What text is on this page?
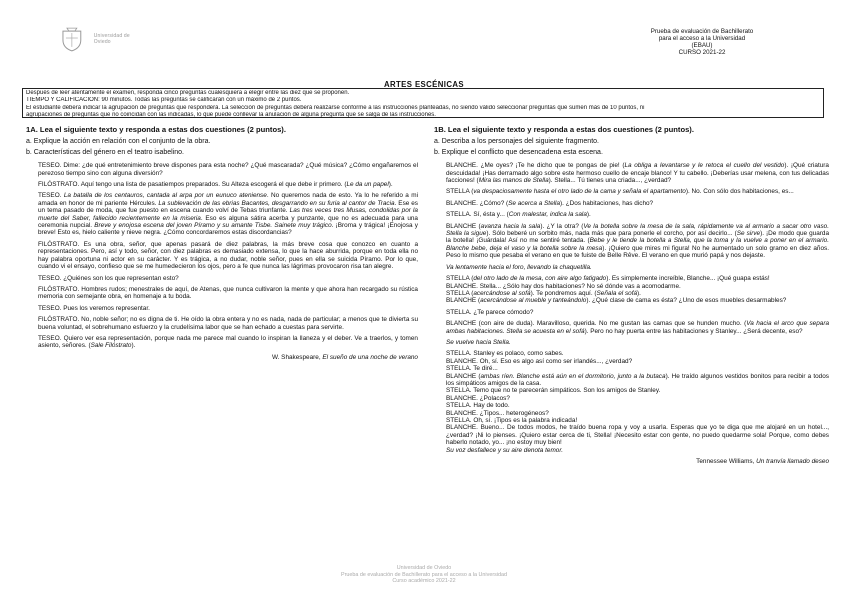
Universidad de Oviedo
Prueba de evaluación de Bachillerato
para el acceso a la Universidad
(EBAU)
CURSO 2021-22
ARTES ESCÉNICAS
Después de leer atentamente el examen, responda cinco preguntas cualesquiera a elegir entre las diez que se proponen.
TIEMPO Y CALIFICACIÓN: 90 minutos. Todas las preguntas se calificarán con un máximo de 2 puntos.
El estudiante deberá indicar la agrupación de preguntas que responderá. La selección de preguntas deberá realizarse conforme a las instrucciones planteadas, no siendo válido seleccionar preguntas que sumen más de 10 puntos, ni
agrupaciones de preguntas que no coincidan con las indicadas, lo que puede conllevar la anulación de alguna pregunta que se salga de las instrucciones.
1A. Lea el siguiente texto y responda a estas dos cuestiones (2 puntos).
a. Explique la acción en relación con el conjunto de la obra.
b. Características del género en el teatro isabelino.
TESEO. Dime: ¿de qué entretenimiento breve dispones para esta noche? ¿Qué mascarada? ¿Qué música? ¿Cómo engañaremos el perezoso tiempo sino con alguna diversión?
FILÓSTRATO. Aquí tengo una lista de pasatiempos preparados. Su Alteza escogerá el que debe ir primero. (Le da un papel).
TESEO. La batalla de los centauros, cantada al arpa por un eunuco ateniense. No queremos nada de esto. Ya lo he referido a mi amada en honor de mi pariente Hércules. La sublevación de las ebrias Bacantes, desgarrando en su furia al cantor de Tracia. Ese es un tema pasado de moda, que fue puesto en escena cuando volví de Tebas triunfante. Las tres veces tres Musas, condolidas por la muerte del Saber, fallecido recientemente en la miseria. Eso es alguna sátira acerba y punzante, que no es adecuada para una ceremonia nupcial. Breve y enojosa escena del joven Píramo y su amante Tisbe. Sainete muy trágico. ¡Broma y trágica! ¡Enojosa y breve! Esto es, hielo caliente y nieve negra. ¿Cómo concordaremos estas discordancias?
FILÓSTRATO. Es una obra, señor, que apenas pasará de diez palabras, la más breve cosa que conozco en cuanto a representaciones. Pero, así y todo, señor, con diez palabras es demasiado extensa, lo que la hace aburrida, porque en toda ella no hay palabra oportuna ni actor en su carácter. Y es trágica, a no dudar, noble señor, pues en ella se suicida Píramo. Por lo que, cuando vi el ensayo, confieso que se me humedecieron los ojos, pero a fe que nunca las lágrimas provocaron risa tan alegre.
TESEO. ¿Quiénes son los que representan esto?
FILÓSTRATO. Hombres rudos; menestrales de aquí, de Atenas, que nunca cultivaron la mente y que ahora han recargado su rústica memoria con semejante obra, en homenaje a tu boda.
TESEO. Pues los veremos representar.
FILÓSTRATO. No, noble señor; no es digna de ti. He oído la obra entera y no es nada, nada de particular; a menos que te divierta su buena voluntad, el sobrehumano esfuerzo y la crudelísima labor que se han echado a cuestas para servirte.
TESEO. Quiero ver esa representación, porque nada me parece mal cuando lo inspiran la llaneza y el deber. Ve a traerlos, y tomen asiento, señores. (Sale Filóstrato).
W. Shakespeare, El sueño de una noche de verano
1B. Lea el siguiente texto y responda a estas dos cuestiones (2 puntos).
a. Describa a los personajes del siguiente fragmento.
b. Explique el conflicto que desencadena esta escena.
BLANCHE. ¿Me oyes? ¡Te he dicho que te pongas de pie! (La obliga a levantarse y le retoca el cuello del vestido). ¡Qué criatura descuidada! ¡Has derramado algo sobre este hermoso cuello de encaje blanco! Y tu cabello. ¡Deberías usar melena, con tus delicadas facciones! (Mira las manos de Stella). Stella... Tú tienes una criada..., ¿verdad?
STELLA (va despaciosamente hasta el otro lado de la cama y señala el apartamento). No. Con sólo dos habitaciones, es...
BLANCHE. ¿Cómo? (Se acerca a Stella). ¿Dos habitaciones, has dicho?
STELLA. Sí, ésta y... (Con malestar, indica la sala).
BLANCHE (avanza hacia la sala). ¿Y la otra? (Ve la botella sobre la mesa de la sala, rápidamente va al armario a sacar otro vaso. Stella la sigue). Sólo beberé un sorbito más, nada más que para ponerle el corcho, por así decirlo... (Se sirve). ¡De modo que guarda la botella! ¡Guárdala! Así no me sentiré tentada. (Bebe y le tiende la botella a Stella, que la toma y la vuelve a poner en el armario. Blanche bebe, deja el vaso y la botella sobre la mesa). ¡Quiero que mires mi figura! No he aumentado un solo gramo en diez años. Peso lo mismo que pesaba el verano en que te fuiste de Belle Rêve. El verano en que murió papá y nos dejaste.
Va lentamente hacia el foro, llevando la chaquetilla.
STELLA (del otro lado de la mesa, con aire algo fatigado). Es simplemente increíble, Blanche... ¡Qué guapa estás!
BLANCHE. Stella... ¿Sólo hay dos habitaciones? No sé dónde vas a acomodarme.
STELLA (acercándose al sofá). Te pondremos aquí. (Señala el sofá).
BLANCHE (acercándose al mueble y tanteándolo). ¿Qué clase de cama es ésta? ¿Uno de esos muebles desarmables?
STELLA. ¿Te parece cómodo?
BLANCHE (con aire de duda). Maravilloso, querida. No me gustan las camas que se hunden mucho. (Va hacia el arco que separa ambas habitaciones. Stella se acuesta en el sofá). Pero no hay puerta entre las habitaciones y Stanley... ¿Será decente, eso?
Se vuelve hacia Stella.
STELLA. Stanley es polaco, como sabes.
BLANCHE. Oh, sí. Eso es algo así como ser irlandés..., ¿verdad?
STELLA. Te diré...
BLANCHE (ambas ríen. Blanche está aún en el dormitorio, junto a la butaca). He traído algunos vestidos bonitos para recibir a todos los simpáticos amigos de la casa.
STELLA. Temo que no te parecerán simpáticos. Son los amigos de Stanley.
BLANCHE. ¿Polacos?
STELLA. Hay de todo.
BLANCHE. ¿Tipos... heterogéneos?
STELLA. Oh, sí. ¡Tipos es la palabra indicada!
BLANCHE. Bueno... De todos modos, he traído buena ropa y voy a usarla. Esperas que yo te diga que me alojaré en un hotel..., ¿verdad? ¡Ni lo pienses. ¡Quiero estar cerca de ti, Stella! ¡Necesito estar con gente, no puedo quedarme sola! Porque, como debes haberlo notado, yo... ¡no estoy muy bien!
Su voz desfallece y su aire denota temor.
Tennessee Williams, Un tranvía llamado deseo
Universidad de Oviedo
Prueba de evaluación de Bachillerato para el acceso a la Universidad
Curso académico 2021-22
